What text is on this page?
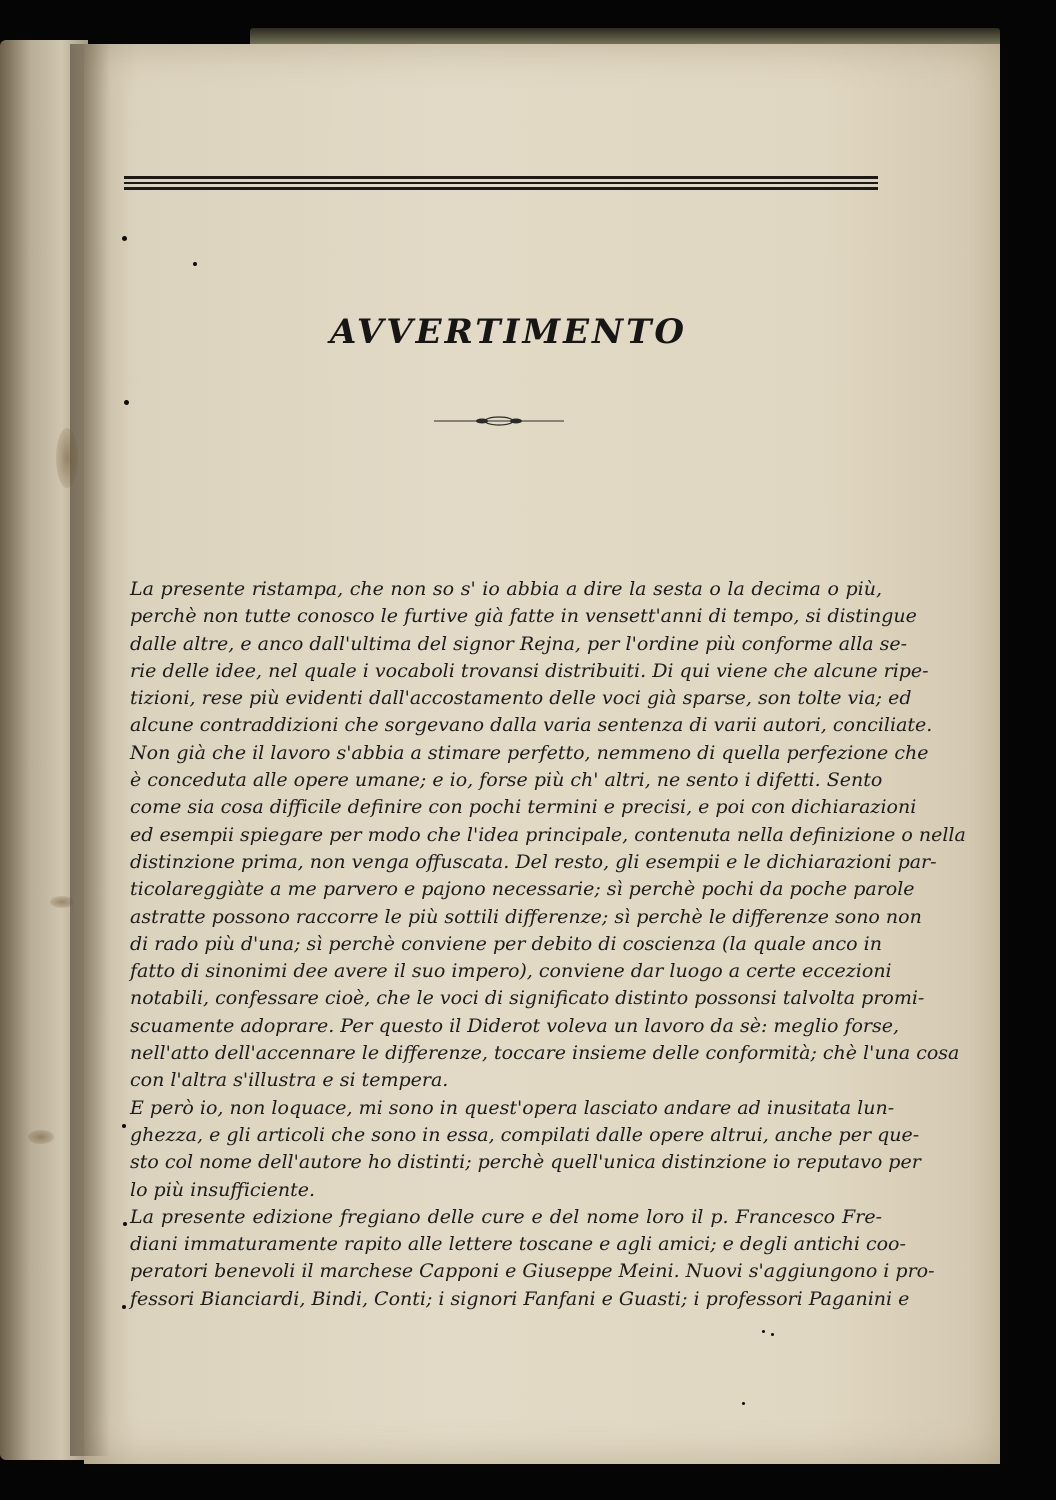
AVVERTIMENTO
La presente ristampa, che non so s' io abbia a dire la sesta o la decima o più,
perchè non tutte conosco le furtive già fatte in vensett'anni di tempo, si distingue
dalle altre, e anco dall'ultima del signor Rejna, per l'ordine più conforme alla se-
rie delle idee, nel quale i vocaboli trovansi distribuiti. Di qui viene che alcune ripe-
tizioni, rese più evidenti dall'accostamento delle voci già sparse, son tolte via; ed
alcune contraddizioni che sorgevano dalla varia sentenza di varii autori, conciliate.
Non già che il lavoro s'abbia a stimare perfetto, nemmeno di quella perfezione che
è conceduta alle opere umane; e io, forse più ch' altri, ne sento i difetti. Sento
come sia cosa difficile definire con pochi termini e precisi, e poi con dichiarazioni
ed esempii spiegare per modo che l'idea principale, contenuta nella definizione o nella
distinzione prima, non venga offuscata. Del resto, gli esempii e le dichiarazioni par-
ticolareggiàte a me parvero e pajono necessarie; sì perchè pochi da poche parole
astratte possono raccorre le più sottili differenze; sì perchè le differenze sono non
di rado più d'una; sì perchè conviene per debito di coscienza (la quale anco in
fatto di sinonimi dee avere il suo impero), conviene dar luogo a certe eccezioni
notabili, confessare cioè, che le voci di significato distinto possonsi talvolta promi-
scuamente adoprare. Per questo il Diderot voleva un lavoro da sè: meglio forse,
nell'atto dell'accennare le differenze, toccare insieme delle conformità; chè l'una cosa
con l'altra s'illustra e si tempera.
E però io, non loquace, mi sono in quest'opera lasciato andare ad inusitata lun-
ghezza, e gli articoli che sono in essa, compilati dalle opere altrui, anche per que-
sto col nome dell'autore ho distinti; perchè quell'unica distinzione io reputavo per
lo più insufficiente.
La presente edizione fregiano delle cure e del nome loro il p. Francesco Fre-
diani immaturamente rapito alle lettere toscane e agli amici; e degli antichi coo-
peratori benevoli il marchese Capponi e Giuseppe Meini. Nuovi s'aggiungono i pro-
fessori Bianciardi, Bindi, Conti; i signori Fanfani e Guasti; i professori Paganini e
